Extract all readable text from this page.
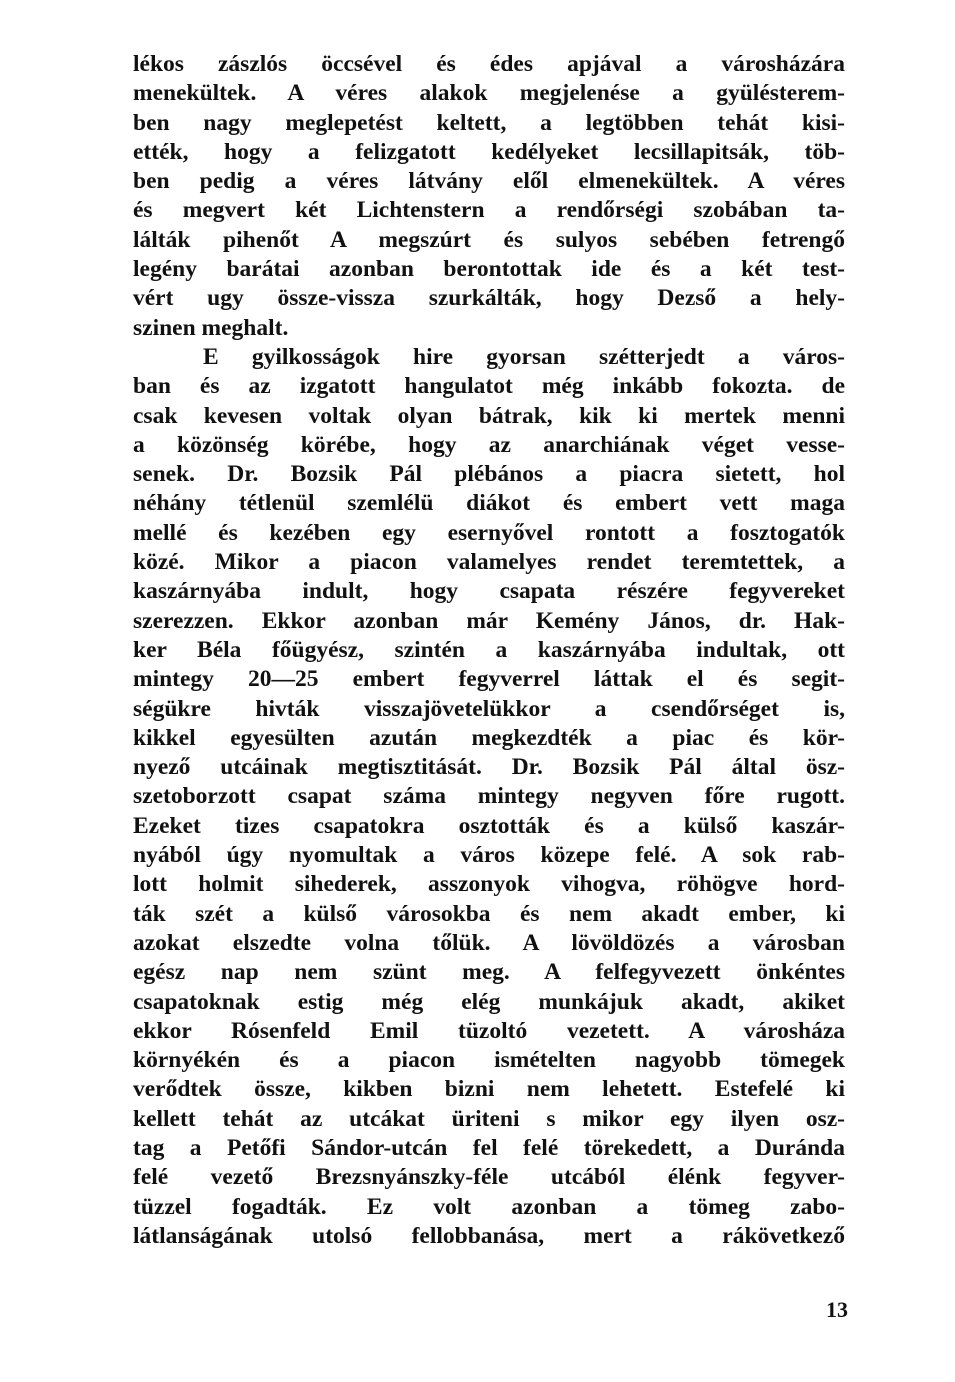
lékos zászlós öccsével és édes apjával a városházára
menekültek. A véres alakok megjelenése a gyülésterem-
ben nagy meglepetést keltett, a legtöbben tehát kisi-
ették, hogy a felizgatott kedélyeket lecsillapitsák, töb-
ben pedig a véres látvány elől elmenekültek. A véres
és megvert két Lichtenstern a rendőrségi szobában ta-
lálták pihenőt A megszúrt és sulyos sebében fetrengő
legény barátai azonban berontottak ide és a két test-
vért ugy össze-vissza szurkálták, hogy Dezső a hely-
szinen meghalt.
E gyilkosságok hire gyorsan szétterjedt a város-
ban és az izgatott hangulatot még inkább fokozta. de
csak kevesen voltak olyan bátrak, kik ki mertek menni
a közönség körébe, hogy az anarchiának véget vesse-
senek. Dr. Bozsik Pál plébános a piacra sietett, hol
néhány tétlenül szemlélü diákot és embert vett maga
mellé és kezében egy esernyővel rontott a fosztogatók
közé. Mikor a piacon valamelyes rendet teremtettek, a
kaszárnyába indult, hogy csapata részére fegyvereket
szerezzen. Ekkor azonban már Kemény János, dr. Hak-
ker Béla főügyész, szintén a kaszárnyába indultak, ott
mintegy 20—25 embert fegyverrel láttak el és segit-
ségükre hivták visszajövetelükkor a csendőrséget is,
kikkel egyesülten azután megkezdték a piac és kör-
nyező utcáinak megtisztitását. Dr. Bozsik Pál által ösz-
szetoborzott csapat száma mintegy negyven főre rugott.
Ezeket tizes csapatokra osztották és a külső kaszár-
nyából úgy nyomultak a város közepe felé. A sok rab-
lott holmit sihederek, asszonyok vihogva, röhögve hord-
ták szét a külső városokba és nem akadt ember, ki
azokat elszedte volna tőlük. A lövöldözés a városban
egész nap nem szünt meg. A felfegyvezett önkéntes
csapatoknak estig még elég munkájuk akadt, akiket
ekkor Rósenfeld Emil tüzoltó vezetett. A városháza
környékén és a piacon ismételten nagyobb tömegek
verődtek össze, kikben bizni nem lehetett. Estefelé ki
kellett tehát az utcákat üriteni s mikor egy ilyen osz-
tag a Petőfi Sándor-utcán fel felé törekedett, a Duránda
felé vezető Brezsnyánszky-féle utcából élénk fegyver-
tüzzel fogadták. Ez volt azonban a tömeg zabo-
látlanságának utolsó fellobbanása, mert a rákövetkező
13
